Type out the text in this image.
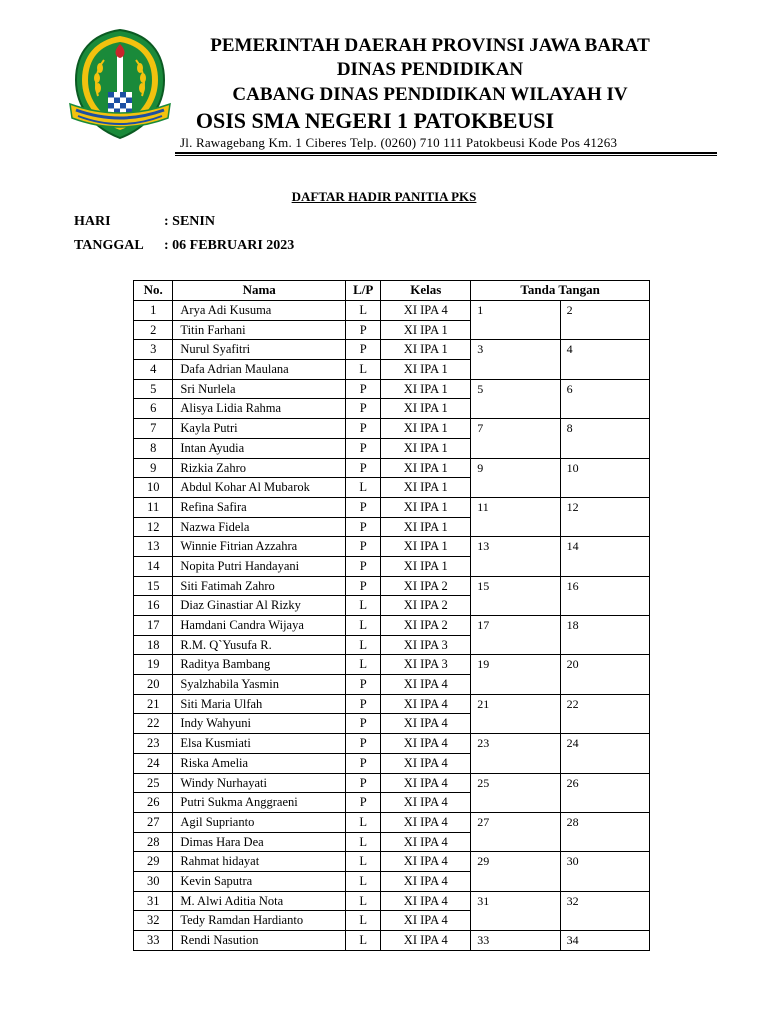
PEMERINTAH DAERAH PROVINSI JAWA BARAT
DINAS PENDIDIKAN
CABANG DINAS PENDIDIKAN WILAYAH IV
OSIS SMA NEGERI 1 PATOKBEUSI
Jl. Rawagebang Km. 1 Ciberes Telp. (0260) 710 111 Patokbeusi Kode Pos 41263
DAFTAR HADIR PANITIA PKS
HARI	: SENIN
TANGGAL : 06 FEBRUARI 2023
No.	Nama	L/P	Kelas	Tanda Tangan	
1	Arya Adi Kusuma	L	XI IPA 4	1	2
2	Titin Farhani	P	XI IPA 1		
3	Nurul Syafitri	P	XI IPA 1	3	4
4	Dafa Adrian Maulana	L	XI IPA 1		
5	Sri Nurlela	P	XI IPA 1	5	6
6	Alisya Lidia Rahma	P	XI IPA 1		
7	Kayla Putri	P	XI IPA 1	7	8
8	Intan Ayudia	P	XI IPA 1		
9	Rizkia Zahro	P	XI IPA 1	9	10
10	Abdul Kohar Al Mubarok	L	XI IPA 1		
11	Refina Safira	P	XI IPA 1	11	12
12	Nazwa Fidela	P	XI IPA 1		
13	Winnie Fitrian Azzahra	P	XI IPA 1	13	14
14	Nopita Putri Handayani	P	XI IPA 1		
15	Siti Fatimah Zahro	P	XI IPA 2	15	16
16	Diaz Ginastiar Al Rizky	L	XI IPA 2		
17	Hamdani Candra Wijaya	L	XI IPA 2	17	18
18	R.M. Q`Yusufa R.	L	XI IPA 3		
19	Raditya Bambang	L	XI IPA 3	19	20
20	Syalzhabila Yasmin	P	XI IPA 4		
21	Siti Maria Ulfah	P	XI IPA 4	21	22
22	Indy Wahyuni	P	XI IPA 4		
23	Elsa Kusmiati	P	XI IPA 4	23	24
24	Riska Amelia	P	XI IPA 4		
25	Windy Nurhayati	P	XI IPA 4	25	26
26	Putri Sukma Anggraeni	P	XI IPA 4		
27	Agil Suprianto	L	XI IPA 4	27	28
28	Dimas Hara Dea	L	XI IPA 4		
29	Rahmat hidayat	L	XI IPA 4	29	30
30	Kevin Saputra	L	XI IPA 4		
31	M. Alwi Aditia Nota	L	XI IPA 4	31	32
32	Tedy Ramdan Hardianto	L	XI IPA 4		
33	Rendi Nasution	L	XI IPA 4	33	34
